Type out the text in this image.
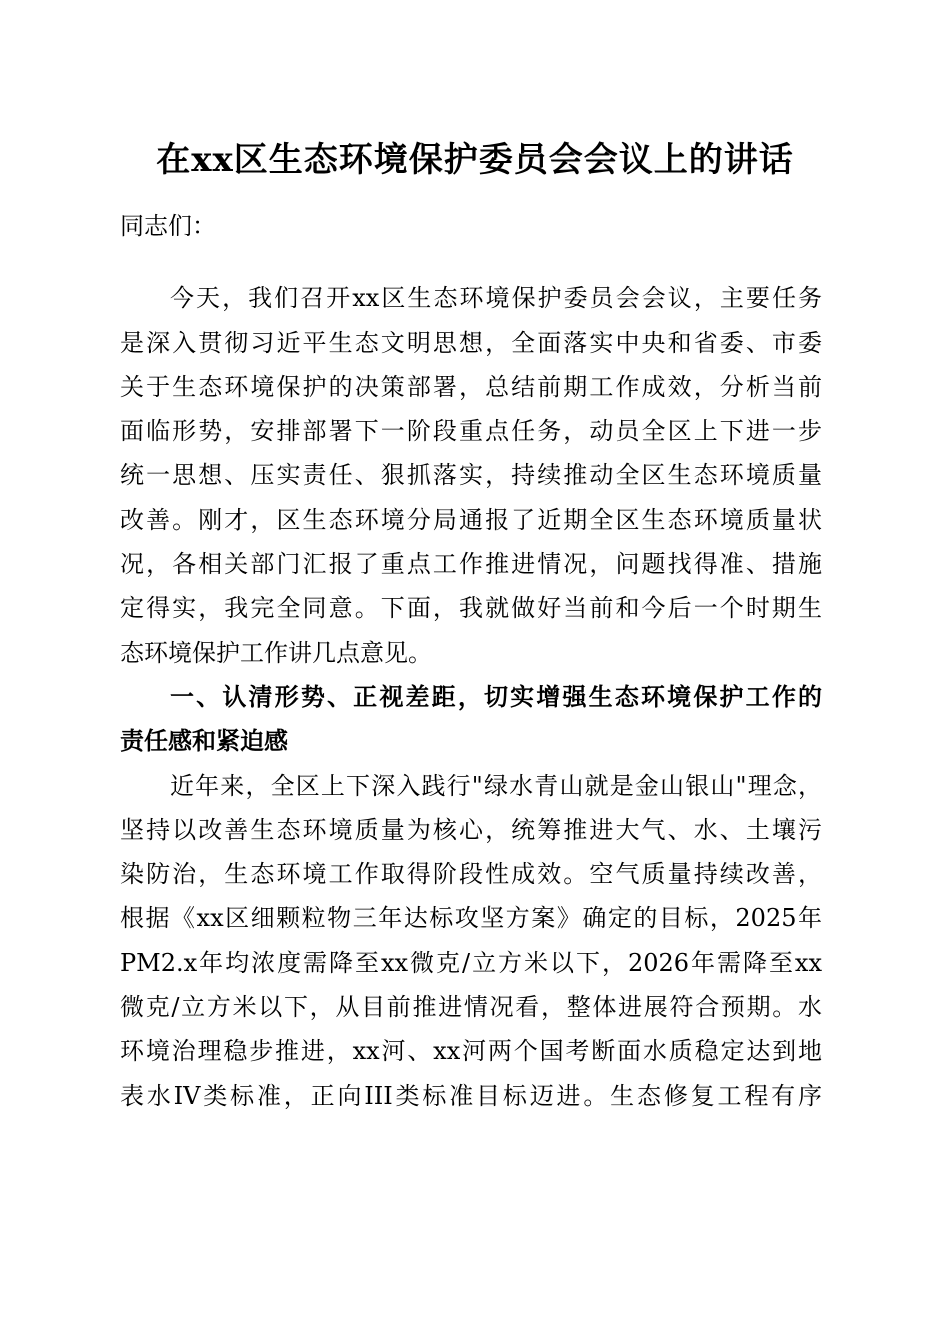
在xx区生态环境保护委员会会议上的讲话
同志们：
今天，我们召开xx区生态环境保护委员会会议，主要任务
是深入贯彻习近平生态文明思想，全面落实中央和省委、市委
关于生态环境保护的决策部署，总结前期工作成效，分析当前
面临形势，安排部署下一阶段重点任务，动员全区上下进一步
统一思想、压实责任、狠抓落实，持续推动全区生态环境质量
改善。刚才，区生态环境分局通报了近期全区生态环境质量状
况，各相关部门汇报了重点工作推进情况，问题找得准、措施
定得实，我完全同意。下面，我就做好当前和今后一个时期生
态环境保护工作讲几点意见。
一、认清形势、正视差距，切实增强生态环境保护工作的
责任感和紧迫感
近年来，全区上下深入践行"绿水青山就是金山银山"理念，
坚持以改善生态环境质量为核心，统筹推进大气、水、土壤污
染防治，生态环境工作取得阶段性成效。空气质量持续改善，
根据《xx区细颗粒物三年达标攻坚方案》确定的目标，2025年
PM2.x年均浓度需降至xx微克/立方米以下，2026年需降至xx
微克/立方米以下，从目前推进情况看，整体进展符合预期。水
环境治理稳步推进，xx河、xx河两个国考断面水质稳定达到地
表水IV类标准，正向III类标准目标迈进。生态修复工程有序
